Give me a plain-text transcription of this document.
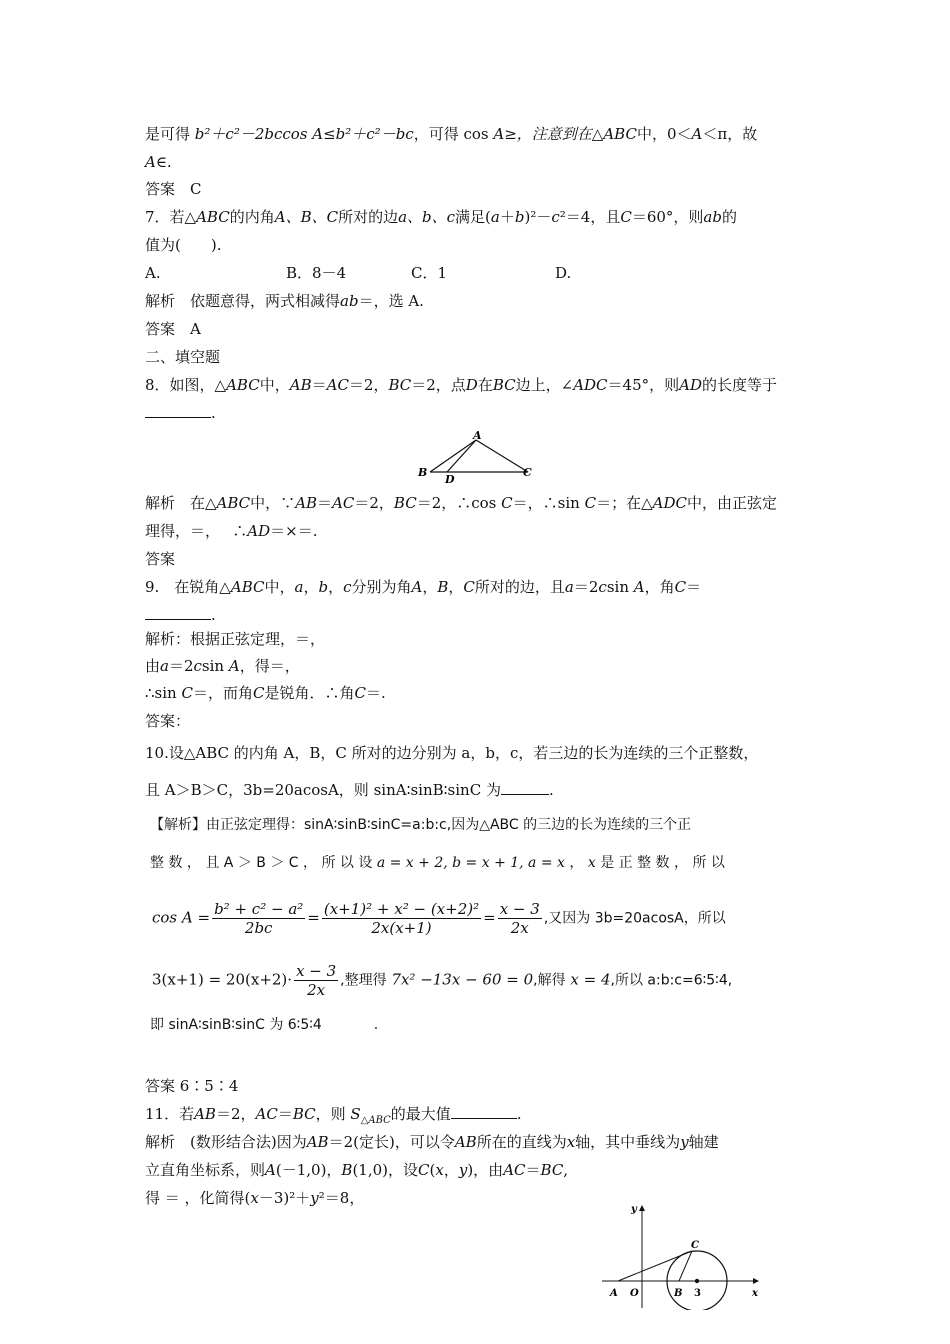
是可得 b²＋c²－2bccos A≤b²＋c²－bc，可得 cos A≥，注意到在△ABC中，0＜A＜π，故
A∈.
答案　C
7．若△ABC的内角A、B、C所对的边a、b、c满足(a＋b)²－c²＝4，且C＝60°，则ab的
值为(　　).
A.	B．8－4	C．1	D.
解析　依题意得，两式相减得ab＝，选 A.
答案　A
二、填空题
8．如图，△ABC中，AB＝AC＝2，BC＝2，点D在BC边上，∠ADC＝45°，则AD的长度等于
.
A
B	C
D
解析　在△ABC中，∵AB＝AC＝2，BC＝2，∴cos C＝，∴sin C＝；在△ADC中，由正弦定
理得，＝，　 ∴AD＝×＝.
答案
9.　在锐角△ABC中，a，b，c分别为角A，B，C所对的边，且a＝2csin A，角C＝
.
解析：根据正弦定理，＝，
由a＝2csin A，得＝，
∴sin C＝，而角C是锐角．∴角C＝.
答案：
10.设△ABC 的内角 A，B，C 所对的边分别为 a，b，c，若三边的长为连续的三个正整数，
且 A＞B＞C，3b=20acosA，则 sinA∶sinB∶sinC 为	.
【解析】由正弦定理得：sinA∶sinB∶sinC=a:b:c,因为△ABC 的三边的长为连续的三个正
整 数 ， 且 A ＞ B ＞ C ， 所 以 设 a = x + 2, b = x + 1, a = x ， x 是 正 整 数 ， 所 以
$\cos A = \frac{\text{b² + c² − a²}}{2bc} = \frac{\text{(x+1)² + x² − (x+2)²}}{2x(x+1)} = \frac{x - 3}{2x}$ ,又因为 3b=20acosA，所以
$3(x+1) = 20(x+2)\cdot \frac{x - 3}{2x}$ ,整理得 7x² −13x − 60 = 0,解得 x = 4,所以 a:b:c=6∶5∶4,
即 sinA∶sinB∶sinC 为 6∶5∶4	.
答案 6∶5∶4
11．若AB＝2，AC＝BC，则 $S_{\triangle ABC}$的最大值	.
解析　(数形结合法)因为AB＝2(定长)，可以令AB所在的直线为x轴，其中垂线为y轴建
立直角坐标系，则A(－1,0)，B(1,0)，设C(x，y)，由AC＝BC,
得 ＝ ，化简得(x－3)²＋y²＝8，
y
x
C
A O	B 3
